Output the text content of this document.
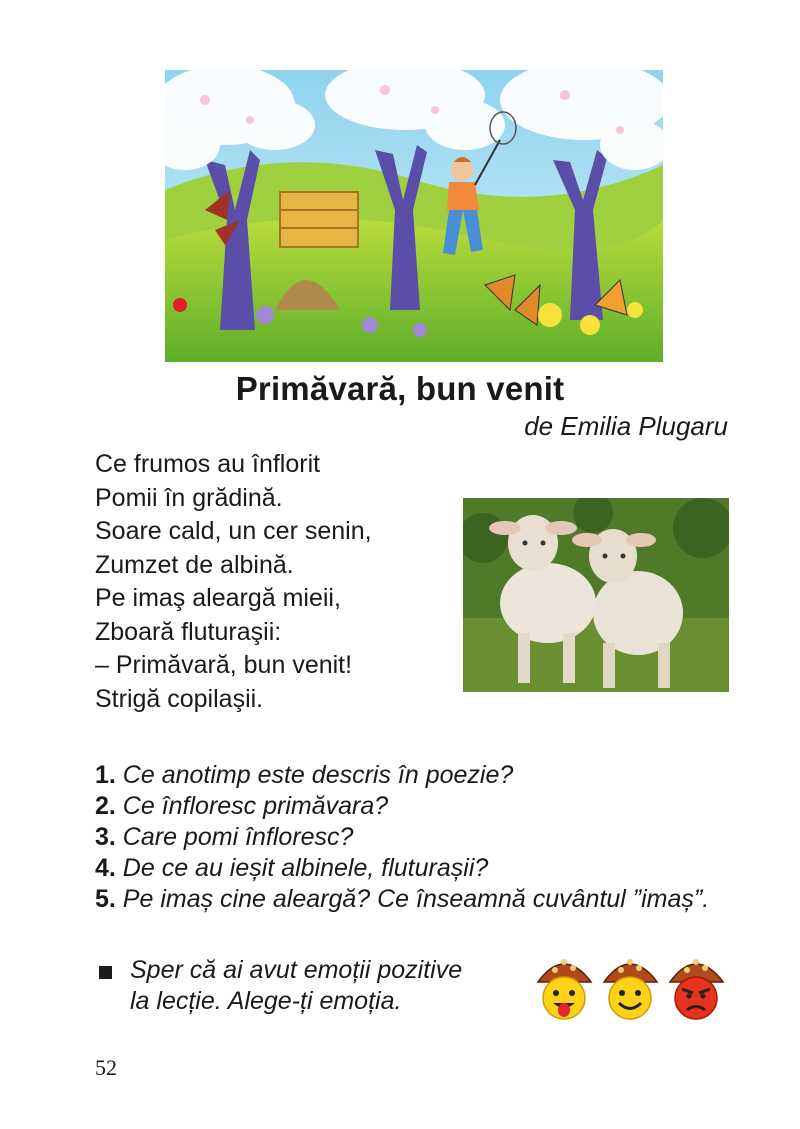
Primăvară, bun venit
de Emilia Plugaru
Ce frumos au înflorit
Pomii în grădină.
Soare cald, un cer senin,
Zumzet de albină.
Pe imaş aleargă mieii,
Zboară fluturaşii:
– Primăvară, bun venit!
Strigă copilaşii.
1. Ce anotimp este descris în poezie?
2. Ce înfloresc primăvara?
3. Care pomi înfloresc?
4. De ce au ieșit albinele, fluturașii?
5. Pe imaș cine aleargă? Ce înseamnă cuvântul ”imaș”.
Sper că ai avut emoții pozitive
la lecție. Alege-ți emoția.
52
